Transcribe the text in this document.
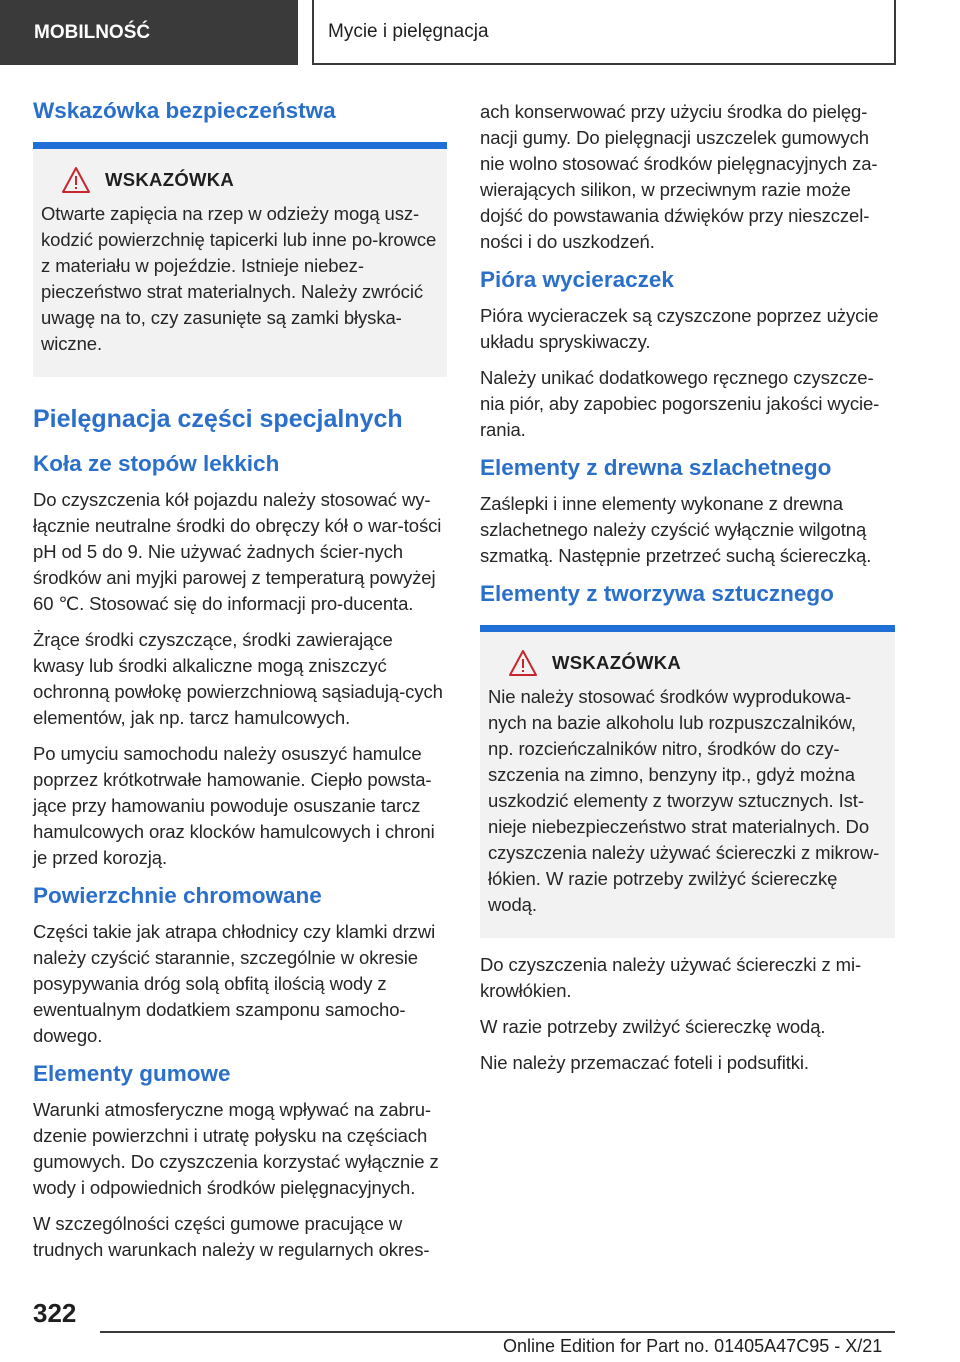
MOBILNOŚĆ	Mycie i pielęgnacja
Wskazówka bezpieczeństwa
WSKAZÓWKA

Otwarte zapięcia na rzep w odzieży mogą usz‐kodzić powierzchnię tapicerki lub inne po‐krowce z materiału w pojeździe. Istnieje niebez‐pieczeństwo strat materialnych. Należy zwrócić uwagę na to, czy zasunięte są zamki błyska‐wiczne.

Pielęgnacja części specjalnych
Koła ze stopów lekkich

Do czyszczenia kół pojazdu należy stosować wy‐łącznie neutralne środki do obręczy kół o war‐tości pH od 5 do 9. Nie używać żadnych ścier‐nych środków ani myjki parowej z temperaturą powyżej 60 ℃. Stosować się do informacji pro‐ducenta.

Żrące środki czyszczące, środki zawierające kwasy lub środki alkaliczne mogą zniszczyć ochronną powłokę powierzchniową sąsiadują‐cych elementów, jak np. tarcz hamulcowych.

Po umyciu samochodu należy osuszyć hamulce poprzez krótkotrwałe hamowanie. Ciepło powsta‐jące przy hamowaniu powoduje osuszanie tarcz hamulcowych oraz klocków hamulcowych i chroni je przed korozją.

Powierzchnie chromowane

Części takie jak atrapa chłodnicy czy klamki drzwi należy czyścić starannie, szczególnie w okresie posypywania dróg solą obfitą ilością wody z ewentualnym dodatkiem szamponu samocho‐dowego.

Elementy gumowe

Warunki atmosferyczne mogą wpływać na zabru‐dzenie powierzchni i utratę połysku na częściach gumowych. Do czyszczenia korzystać wyłącznie z wody i odpowiednich środków pielęgnacyjnych.

W szczególności części gumowe pracujące w trudnych warunkach należy w regularnych okres‐

ach konserwować przy użyciu środka do pielęg‐nacji gumy. Do pielęgnacji uszczelek gumowych nie wolno stosować środków pielęgnacyjnych za‐wierających silikon, w przeciwnym razie może dojść do powstawania dźwięków przy nieszczel‐ności i do uszkodzeń.

Pióra wycieraczek

Pióra wycieraczek są czyszczone poprzez użycie układu spryskiwaczy.

Należy unikać dodatkowego ręcznego czyszcze‐nia piór, aby zapobiec pogorszeniu jakości wycie‐rania.

Elementy z drewna szlachetnego

Zaślepki i inne elementy wykonane z drewna szlachetnego należy czyścić wyłącznie wilgotną szmatką. Następnie przetrzeć suchą ściereczką.

Elementy z tworzywa sztucznego
WSKAZÓWKA

Nie należy stosować środków wyprodukowa‐nych na bazie alkoholu lub rozpuszczalników, np. rozcieńczalników nitro, środków do czy‐szczenia na zimno, benzyny itp., gdyż można uszkodzić elementy z tworzyw sztucznych. Ist‐nieje niebezpieczeństwo strat materialnych. Do czyszczenia należy używać ściereczki z mikrow‐łókien. W razie potrzeby zwilżyć ściereczkę wodą.

Do czyszczenia należy używać ściereczki z mi‐krowłókien.

W razie potrzeby zwilżyć ściereczkę wodą.

Nie należy przemaczać foteli i podsufitki.

322
Online Edition for Part no. 01405A47C95 - X/21
